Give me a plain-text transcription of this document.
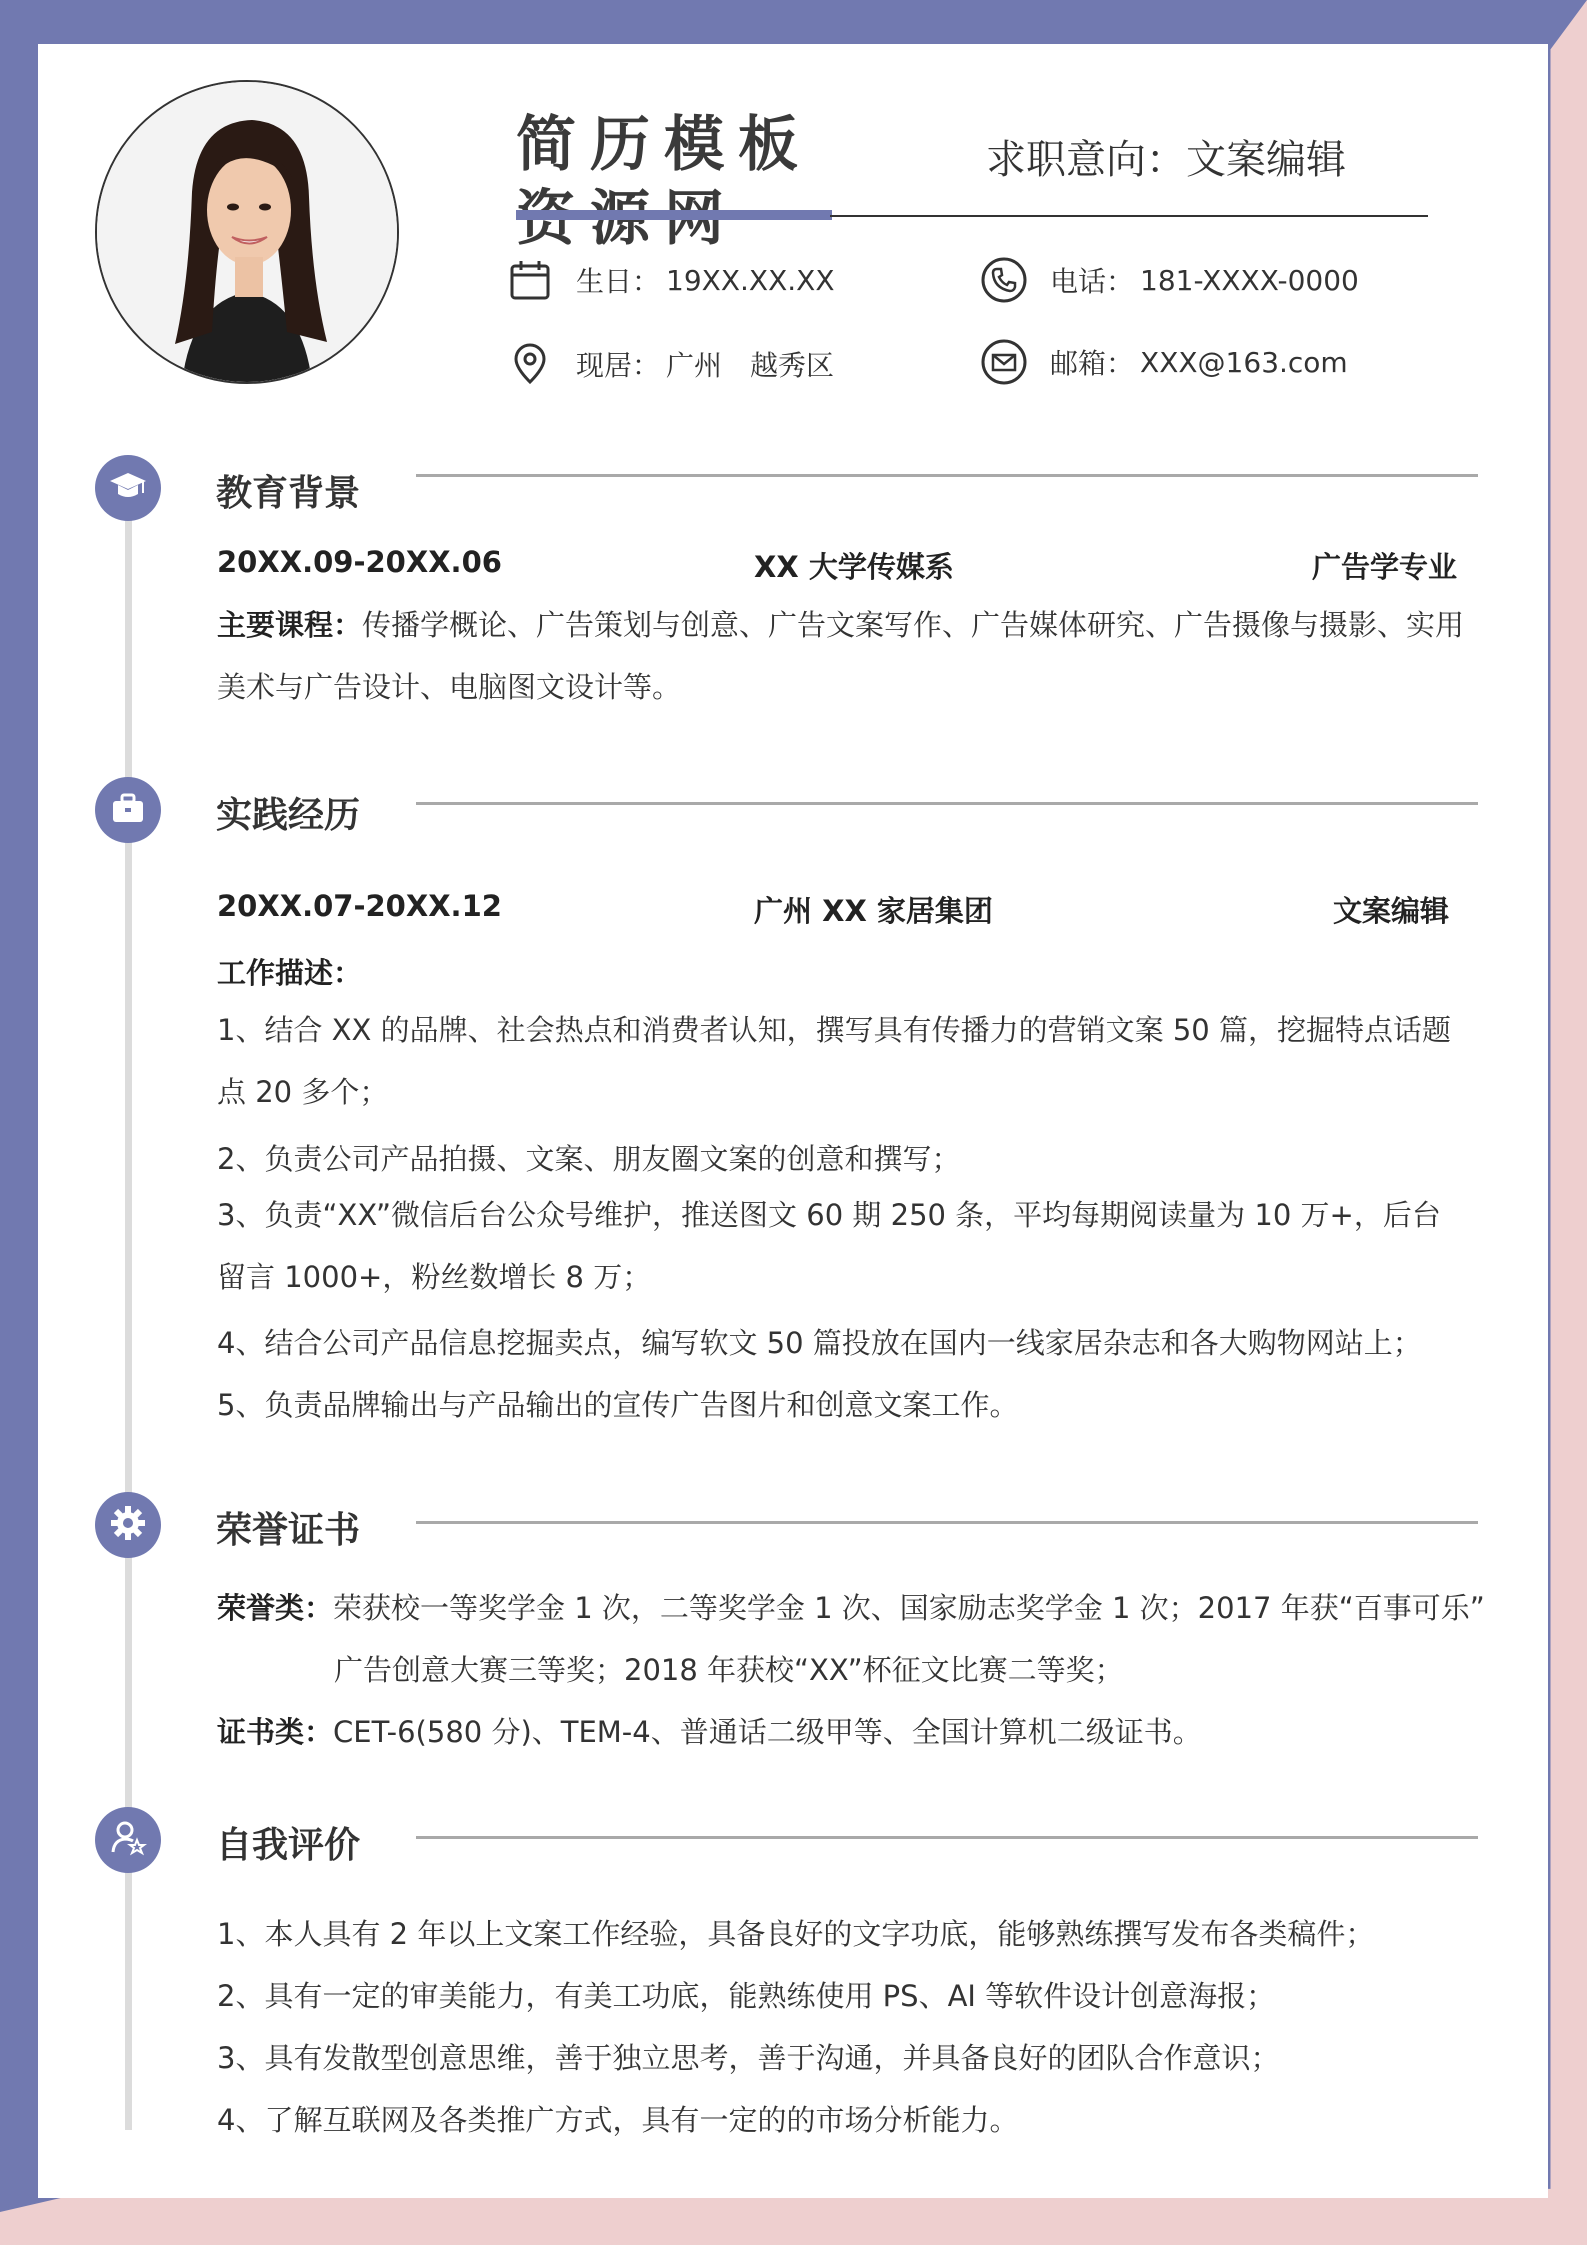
简历模板	求职意向：文案编辑
生日： 19XX.XX.XX
现居： 广州　越秀区
电话： 181-XXXX-0000
邮箱： XXX@163.com
教育背景
20XX.09-20XX.06	XX 大学传媒系	广告学专业
主要课程：传播学概论、广告策划与创意、广告文案写作、广告媒体研究、广告摄像与摄影、实用美术与广告设计、电脑图文设计等。
实践经历
20XX.07-20XX.12	广州 XX 家居集团	文案编辑
工作描述：
1、结合 XX 的品牌、社会热点和消费者认知，撰写具有传播力的营销文案 50 篇，挖掘特点话题点 20 多个；
2、负责公司产品拍摄、文案、朋友圈文案的创意和撰写；
3、负责“XX”微信后台公众号维护，推送图文 60 期 250 条，平均每期阅读量为 10 万+，后台留言 1000+，粉丝数增长 8 万；
4、结合公司产品信息挖掘卖点，编写软文 50 篇投放在国内一线家居杂志和各大购物网站上；
5、负责品牌输出与产品输出的宣传广告图片和创意文案工作。
荣誉证书
荣誉类：荣获校一等奖学金 1 次，二等奖学金 1 次、国家励志奖学金 1 次；2017 年获“百事可乐”
广告创意大赛三等奖；2018 年获校“XX”杯征文比赛二等奖；
证书类：CET-6(580 分)、TEM-4、普通话二级甲等、全国计算机二级证书。
自我评价
1、本人具有 2 年以上文案工作经验，具备良好的文字功底，能够熟练撰写发布各类稿件；
2、具有一定的审美能力，有美工功底，能熟练使用 PS、AI 等软件设计创意海报；
3、具有发散型创意思维，善于独立思考，善于沟通，并具备良好的团队合作意识；
4、了解互联网及各类推广方式，具有一定的的市场分析能力。
